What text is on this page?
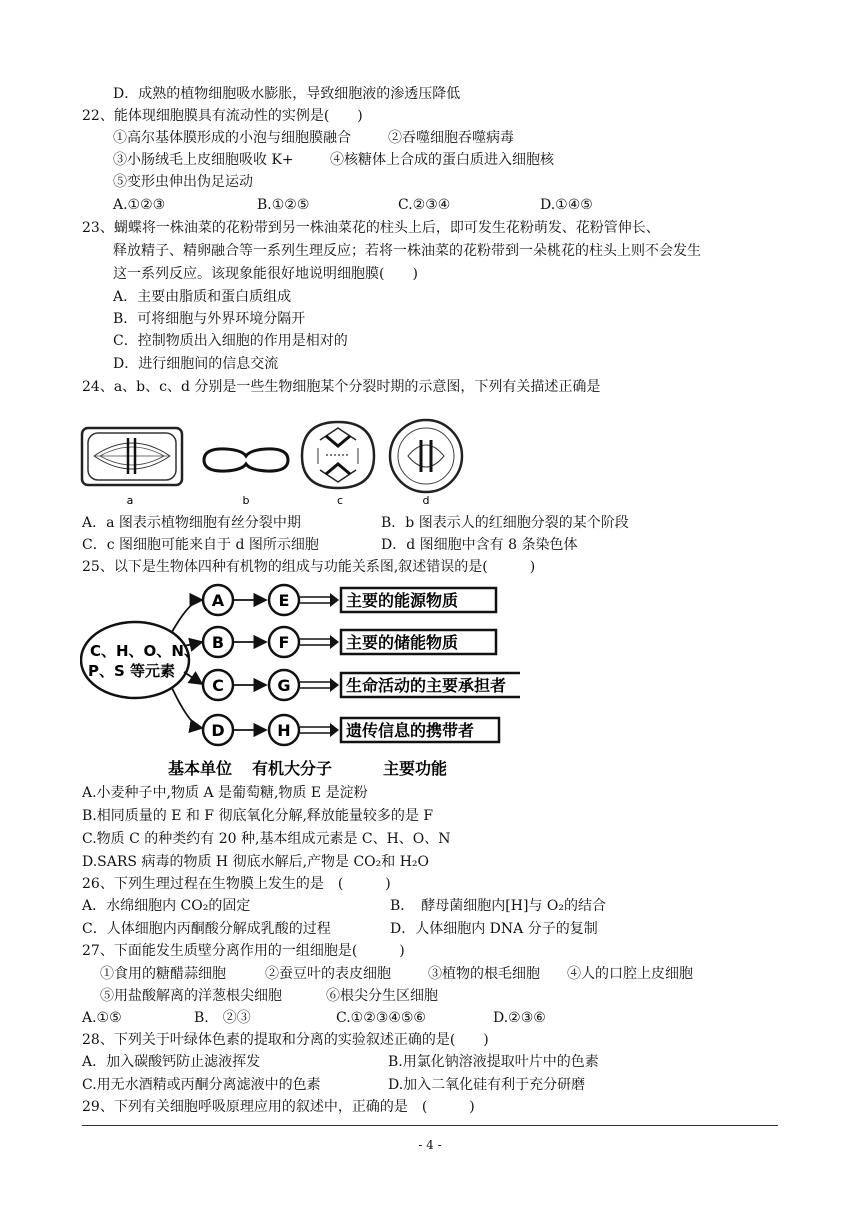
D．成熟的植物细胞吸水膨胀，导致细胞液的渗透压降低
22、能体现细胞膜具有流动性的实例是(　　)
①高尔基体膜形成的小泡与细胞膜融合	②吞噬细胞吞噬病毒
③小肠绒毛上皮细胞吸收 K+	④核糖体上合成的蛋白质进入细胞核
⑤变形虫伸出伪足运动
A.①②③	B.①②⑤	C.②③④	D.①④⑤
23、蝴蝶将一株油菜的花粉带到另一株油菜花的柱头上后，即可发生花粉萌发、花粉管伸长、
释放精子、精卵融合等一系列生理反应；若将一株油菜的花粉带到一朵桃花的柱头上则不会发生
这一系列反应。该现象能很好地说明细胞膜(　　)
A．主要由脂质和蛋白质组成
B．可将细胞与外界环境分隔开
C．控制物质出入细胞的作用是相对的
D．进行细胞间的信息交流
24、a、b、c、d 分别是一些生物细胞某个分裂时期的示意图，下列有关描述正确是
a	b	c	d
A．a 图表示植物细胞有丝分裂中期	B．b 图表示人的红细胞分裂的某个阶段
C．c 图细胞可能来自于 d 图所示细胞	D．d 图细胞中含有 8 条染色体
25、以下是生物体四种有机物的组成与功能关系图,叙述错误的是(　　　)
C、H、O、N、
P、S 等元素
A
B
C
D
E
F
G
H
主要的能源物质
主要的储能物质
生命活动的主要承担者
遗传信息的携带者
基本单位 有机大分子	主要功能
A.小麦种子中,物质 A 是葡萄糖,物质 E 是淀粉
B.相同质量的 E 和 F 彻底氧化分解,释放能量较多的是 F
C.物质 C 的种类约有 20 种,基本组成元素是 C、H、O、N
D.SARS 病毒的物质 H 彻底水解后,产物是 CO₂和 H₂O
26、下列生理过程在生物膜上发生的是　(　　　)
A．水绵细胞内 CO₂的固定	B．　酵母菌细胞内[H]与 O₂的结合
C．人体细胞内丙酮酸分解成乳酸的过程	D．人体细胞内 DNA 分子的复制
27、下面能发生质壁分离作用的一组细胞是(　　　)
①食用的糖醋蒜细胞	②蚕豆叶的表皮细胞	③植物的根毛细胞 ④人的口腔上皮细胞
⑤用盐酸解离的洋葱根尖细胞	⑥根尖分生区细胞
A.①⑤	B.　②③	C.①②③④⑤⑥	D.②③⑥
28、下列关于叶绿体色素的提取和分离的实验叙述正确的是(　　)
A．加入碳酸钙防止滤液挥发	B.用氯化钠溶液提取叶片中的色素
C.用无水酒精或丙酮分离滤液中的色素	D.加入二氧化硅有利于充分研磨
29、下列有关细胞呼吸原理应用的叙述中，正确的是　(　　　)
- 4 -
